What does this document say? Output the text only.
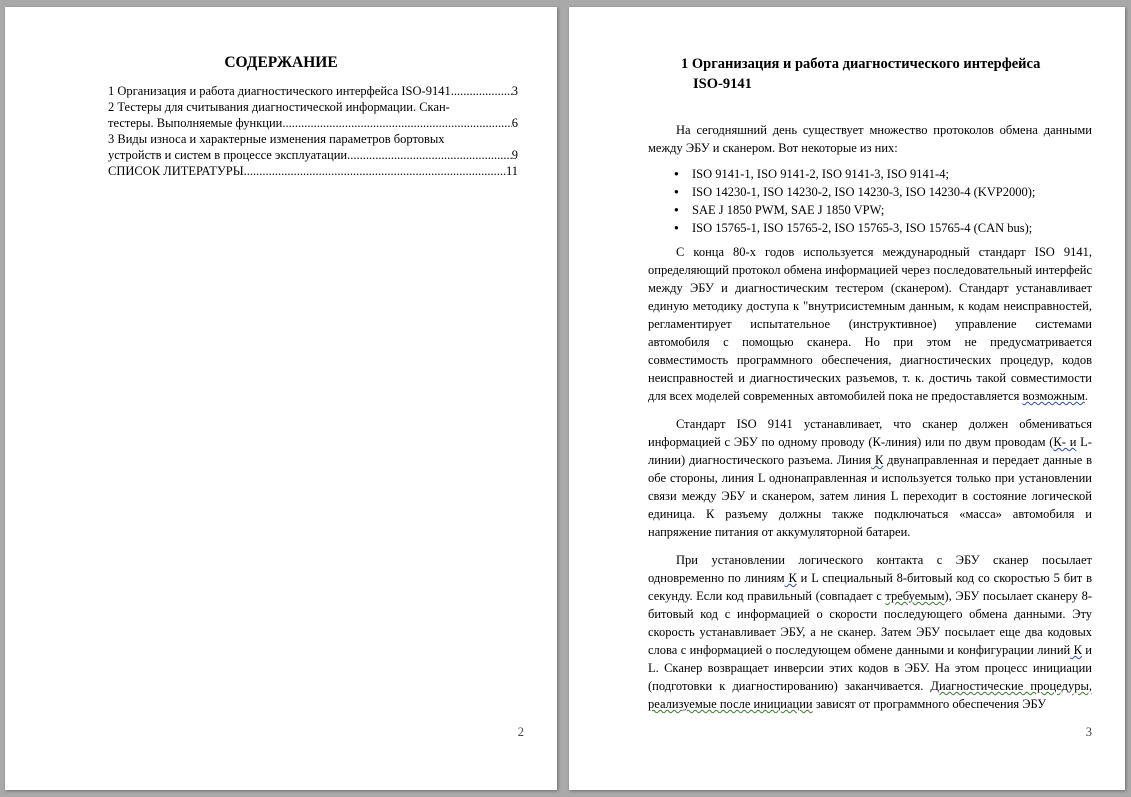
СОДЕРЖАНИЕ
1 Организация и работа диагностического интерфейса ISO-9141 .....	3
2 Тестеры для считывания диагностической информации. Скан-
тестеры. Выполняемые функции .....	6
3 Виды износа и характерные изменения параметров бортовых
устройств и систем в процессе эксплуатации .....	9
СПИСОК ЛИТЕРАТУРЫ .....	11
2
1 Организация и работа диагностического интерфейса
ISO-9141

На сегодняшний день существует множество протоколов обмена данными между ЭБУ и сканером. Вот некоторые из них:

● ISO 9141-1, ISO 9141-2, ISO 9141-3, ISO 9141-4;
● ISO 14230-1, ISO 14230-2, ISO 14230-3, ISO 14230-4 (KVP2000);
● SAE J 1850 PWM, SAE J 1850 VPW;
● ISO 15765-1, ISO 15765-2, ISO 15765-3, ISO 15765-4 (CAN bus);

С конца 80-х годов используется международный стандарт ISO 9141, определяющий протокол обмена информацией через последовательный интерфейс между ЭБУ и диагностическим тестером (сканером). Стандарт устанавливает единую методику доступа к "внутрисистемным данным, к кодам неисправностей, регламентирует испытательное (инструктивное) управление системами автомобиля с помощью сканера. Но при этом не предусматривается совместимость программного обеспечения, диагностических процедур, кодов неисправностей и диагностических разъемов, т. к. достичь такой совместимости для всех моделей современных автомобилей пока не предоставляется возможным.

Стандарт ISO 9141 устанавливает, что сканер должен обмениваться информацией с ЭБУ по одному проводу (К-линия) или по двум проводам (К- и L-линии) диагностического разъема. Линия К двунаправленная и передает данные в обе стороны, линия L однонаправленная и используется только при установлении связи между ЭБУ и сканером, затем линия L переходит в состояние логической единица. К разъему должны также подключаться «масса» автомобиля и напряжение питания от аккумуляторной батареи.

При установлении логического контакта с ЭБУ сканер посылает одновременно по линиям К и L специальный 8-битовый код со скоростью 5 бит в секунду. Если код правильный (совпадает с требуемым), ЭБУ посылает сканеру 8-битовый код с информацией о скорости последующего обмена данными. Эту скорость устанавливает ЭБУ, а не сканер. Затем ЭБУ посылает еще два кодовых слова с информацией о последующем обмене данными и конфигурации линий К и L. Сканер возвращает инверсии этих кодов в ЭБУ. На этом процесс инициации (подготовки к диагностированию) заканчивается. Диагностические процедуры, реализуемые после инициации зависят от программного обеспечения ЭБУ

3
